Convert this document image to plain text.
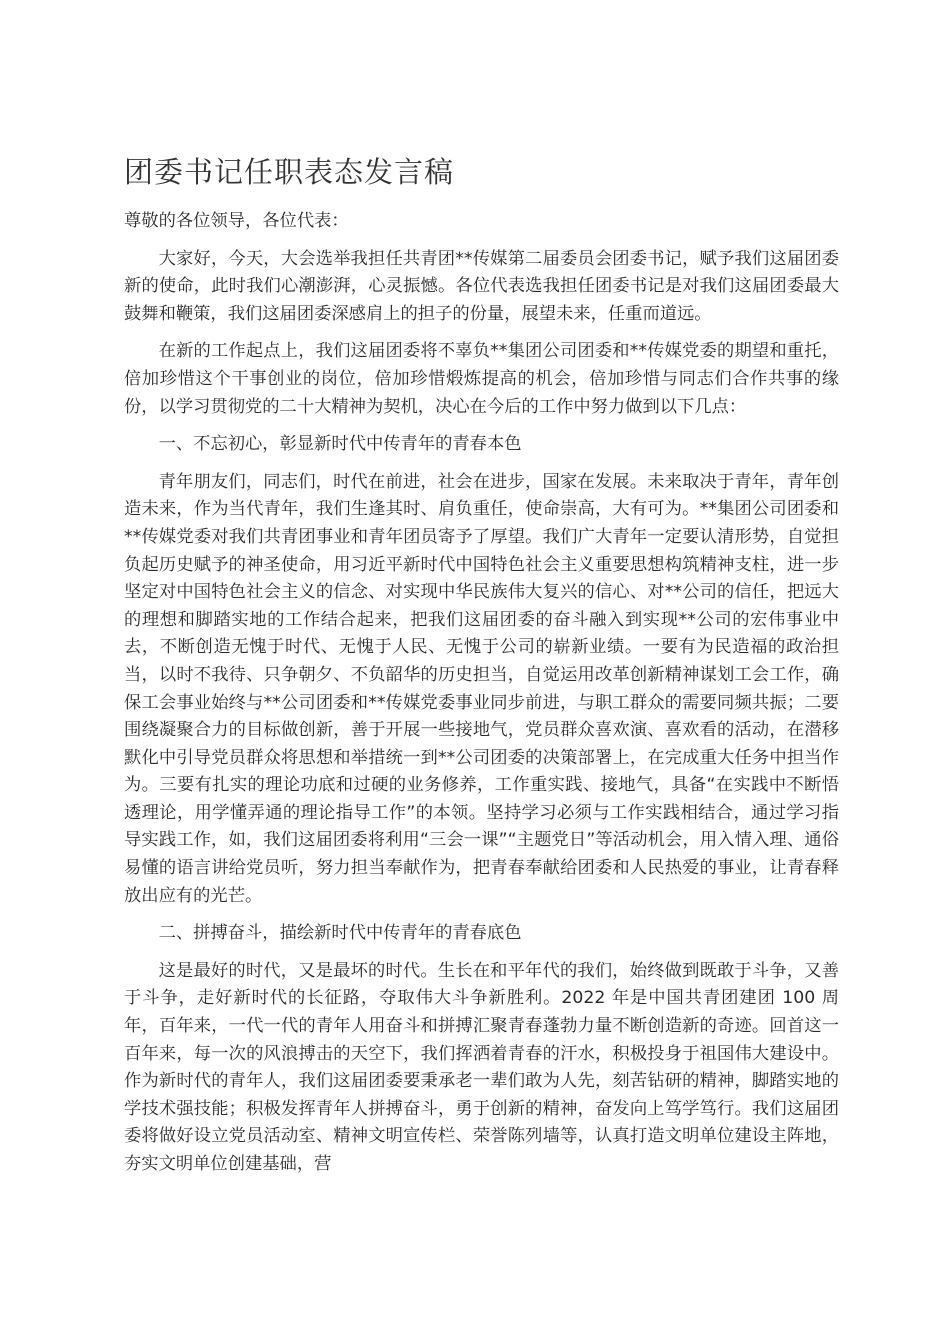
团委书记任职表态发言稿

尊敬的各位领导，各位代表：

大家好，今天，大会选举我担任共青团**传媒第二届委员会团委书记，赋予我们这届团委新的使命，此时我们心潮澎湃，心灵振憾。各位代表选我担任团委书记是对我们这届团委最大鼓舞和鞭策，我们这届团委深感肩上的担子的份量，展望未来，任重而道远。

在新的工作起点上，我们这届团委将不辜负**集团公司团委和**传媒党委的期望和重托，倍加珍惜这个干事创业的岗位，倍加珍惜煅炼提高的机会，倍加珍惜与同志们合作共事的缘份，以学习贯彻党的二十大精神为契机，决心在今后的工作中努力做到以下几点：

一、不忘初心，彰显新时代中传青年的青春本色

青年朋友们，同志们，时代在前进，社会在进步，国家在发展。未来取决于青年，青年创造未来，作为当代青年，我们生逢其时、肩负重任，使命崇高，大有可为。**集团公司团委和**传媒党委对我们共青团事业和青年团员寄予了厚望。我们广大青年一定要认清形势，自觉担负起历史赋予的神圣使命，用习近平新时代中国特色社会主义重要思想构筑精神支柱，进一步坚定对中国特色社会主义的信念、对实现中华民族伟大复兴的信心、对**公司的信任，把远大的理想和脚踏实地的工作结合起来，把我们这届团委的奋斗融入到实现**公司的宏伟事业中去，不断创造无愧于时代、无愧于人民、无愧于公司的崭新业绩。一要有为民造福的政治担当，以时不我待、只争朝夕、不负韶华的历史担当，自觉运用改革创新精神谋划工会工作，确保工会事业始终与**公司团委和**传媒党委事业同步前进，与职工群众的需要同频共振；二要围绕凝聚合力的目标做创新，善于开展一些接地气，党员群众喜欢演、喜欢看的活动，在潜移默化中引导党员群众将思想和举措统一到**公司团委的决策部署上，在完成重大任务中担当作为。三要有扎实的理论功底和过硬的业务修养，工作重实践、接地气，具备“在实践中不断悟透理论，用学懂弄通的理论指导工作”的本领。坚持学习必须与工作实践相结合，通过学习指导实践工作，如，我们这届团委将利用“三会一课”“主题党日”等活动机会，用入情入理、通俗易懂的语言讲给党员听，努力担当奉献作为，把青春奉献给团委和人民热爱的事业，让青春释放出应有的光芒。

二、拼搏奋斗，描绘新时代中传青年的青春底色

这是最好的时代，又是最坏的时代。生长在和平年代的我们，始终做到既敢于斗争，又善于斗争，走好新时代的长征路，夺取伟大斗争新胜利。2022 年是中国共青团建团 100 周年，百年来，一代一代的青年人用奋斗和拼搏汇聚青春蓬勃力量不断创造新的奇迹。回首这一百年来，每一次的风浪搏击的天空下，我们挥洒着青春的汗水，积极投身于祖国伟大建设中。作为新时代的青年人，我们这届团委要秉承老一辈们敢为人先，刻苦钻研的精神，脚踏实地的学技术强技能；积极发挥青年人拼搏奋斗，勇于创新的精神，奋发向上笃学笃行。我们这届团委将做好设立党员活动室、精神文明宣传栏、荣誉陈列墙等，认真打造文明单位建设主阵地，夯实文明单位创建基础，营
